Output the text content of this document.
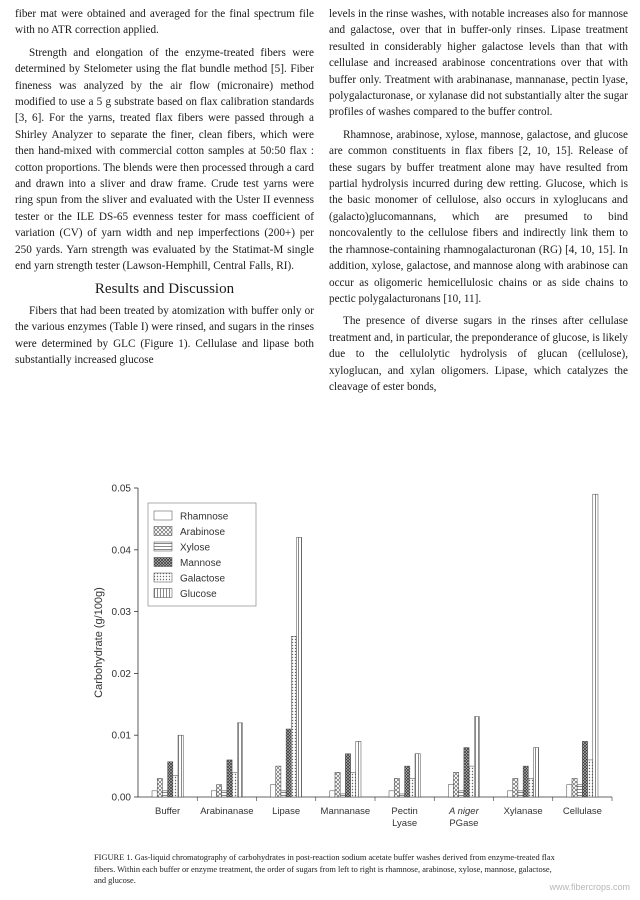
fiber mat were obtained and averaged for the final spectrum file with no ATR correction applied.

Strength and elongation of the enzyme-treated fibers were determined by Stelometer using the flat bundle method [5]. Fiber fineness was analyzed by the air flow (micronaire) method modified to use a 5 g substrate based on flax calibration standards [3, 6]. For the yarns, treated flax fibers were passed through a Shirley Analyzer to separate the finer, clean fibers, which were then hand-mixed with commercial cotton samples at 50:50 flax : cotton proportions. The blends were then processed through a card and drawn into a sliver and draw frame. Crude test yarns were ring spun from the sliver and evaluated with the Uster II evenness tester or the ILE DS-65 evenness tester for mass coefficient of variation (CV) of yarn width and nep imperfections (200+) per 250 yards. Yarn strength was evaluated by the Statimat-M single end yarn strength tester (Lawson-Hemphill, Central Falls, RI).

Results and Discussion

Fibers that had been treated by atomization with buffer only or the various enzymes (Table I) were rinsed, and sugars in the rinses were determined by GLC (Figure 1). Cellulase and lipase both substantially increased glucose

levels in the rinse washes, with notable increases also for mannose and galactose, over that in buffer-only rinses. Lipase treatment resulted in considerably higher galactose levels than that with cellulase and increased arabinose concentrations over that with buffer only. Treatment with arabinanase, mannanase, pectin lyase, polygalacturonase, or xylanase did not substantially alter the sugar profiles of washes compared to the buffer control.

Rhamnose, arabinose, xylose, mannose, galactose, and glucose are common constituents in flax fibers [2, 10, 15]. Release of these sugars by buffer treatment alone may have resulted from partial hydrolysis incurred during dew retting. Glucose, which is the basic monomer of cellulose, also occurs in xyloglucans and (galacto)glucomannans, which are presumed to bind noncovalently to the cellulose fibers and indirectly link them to the rhamnose-containing rhamnogalacturonan (RG) [4, 10, 15]. In addition, xylose, galactose, and mannose along with arabinose can occur as oligomeric hemicellulosic chains or as side chains to pectic polygalacturonans [10, 11].

The presence of diverse sugars in the rinses after cellulase treatment and, in particular, the preponderance of glucose, is likely due to the cellulolytic hydrolysis of glucan (cellulose), xyloglucan, and xylan oligomers. Lipase, which catalyzes the cleavage of ester bonds,

0.00
0.01
0.02
0.03
0.04
0.05
Carbohydrate (g/100g)
Buffer Arabinanase Lipase Mannanase Pectin
Lyase
A niger
PGase
Xylanase Cellulase
Rhamnose
Arabinose
Xylose
Mannose
Galactose
Glucose
FIGURE 1. Gas-liquid chromatography of carbohydrates in post-reaction sodium acetate buffer washes derived from enzyme-treated flax fibers. Within each buffer or enzyme treatment, the order of sugars from left to right is rhamnose, arabinose, xylose, mannose, galactose, and glucose.
www.fibercrops.com
